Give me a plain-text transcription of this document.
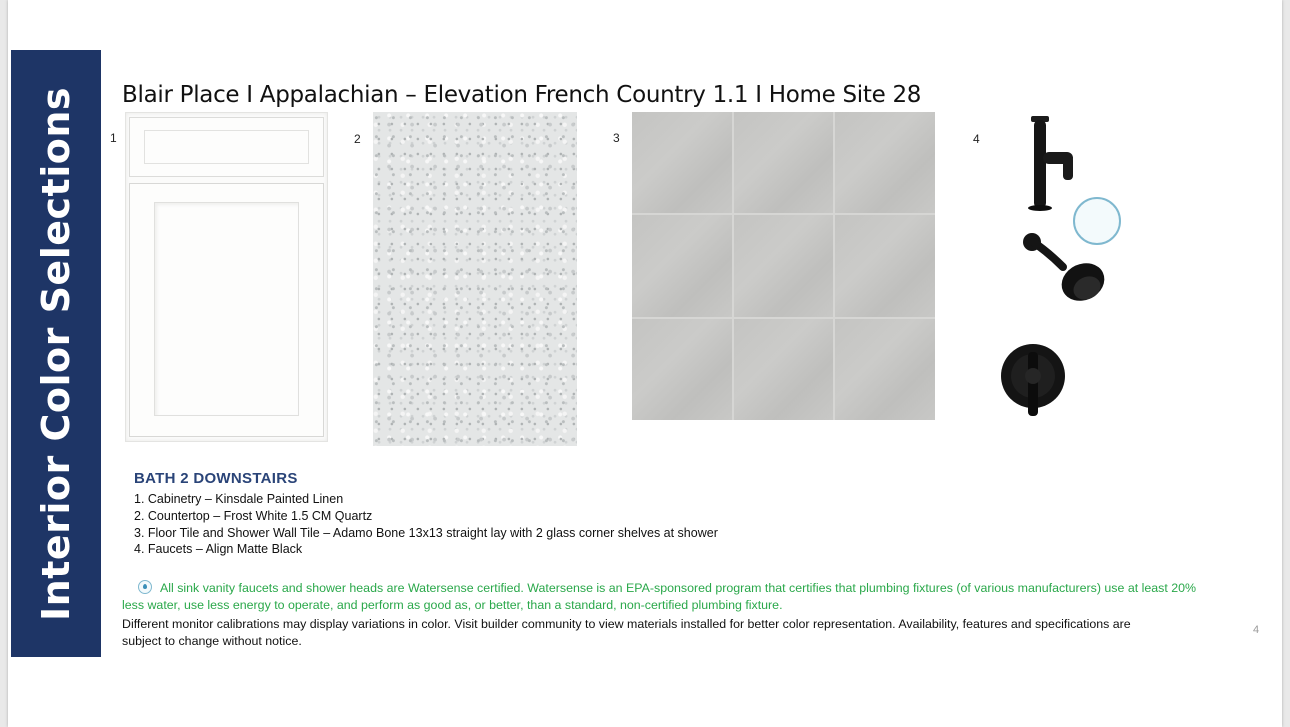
Interior Color Selections Blair Place I Appalachian – Elevation French Country 1.1 I Home Site 28
1	2	3	4
BATH 2 DOWNSTAIRS
1. Cabinetry – Kinsdale Painted Linen
2. Countertop – Frost White 1.5 CM Quartz
3. Floor Tile and Shower Wall Tile – Adamo Bone 13x13 straight lay with 2 glass corner shelves at shower
4. Faucets – Align Matte Black
All sink vanity faucets and shower heads are Watersense certified. Watersense is an EPA-sponsored program that certifies that plumbing fixtures (of various manufacturers) use at least 20% less water, use less energy to operate, and perform as good as, or better, than a standard, non-certified plumbing fixture.
Different monitor calibrations may display variations in color. Visit builder community to view materials installed for better color representation. Availability, features and specifications are subject to change without notice.
4
